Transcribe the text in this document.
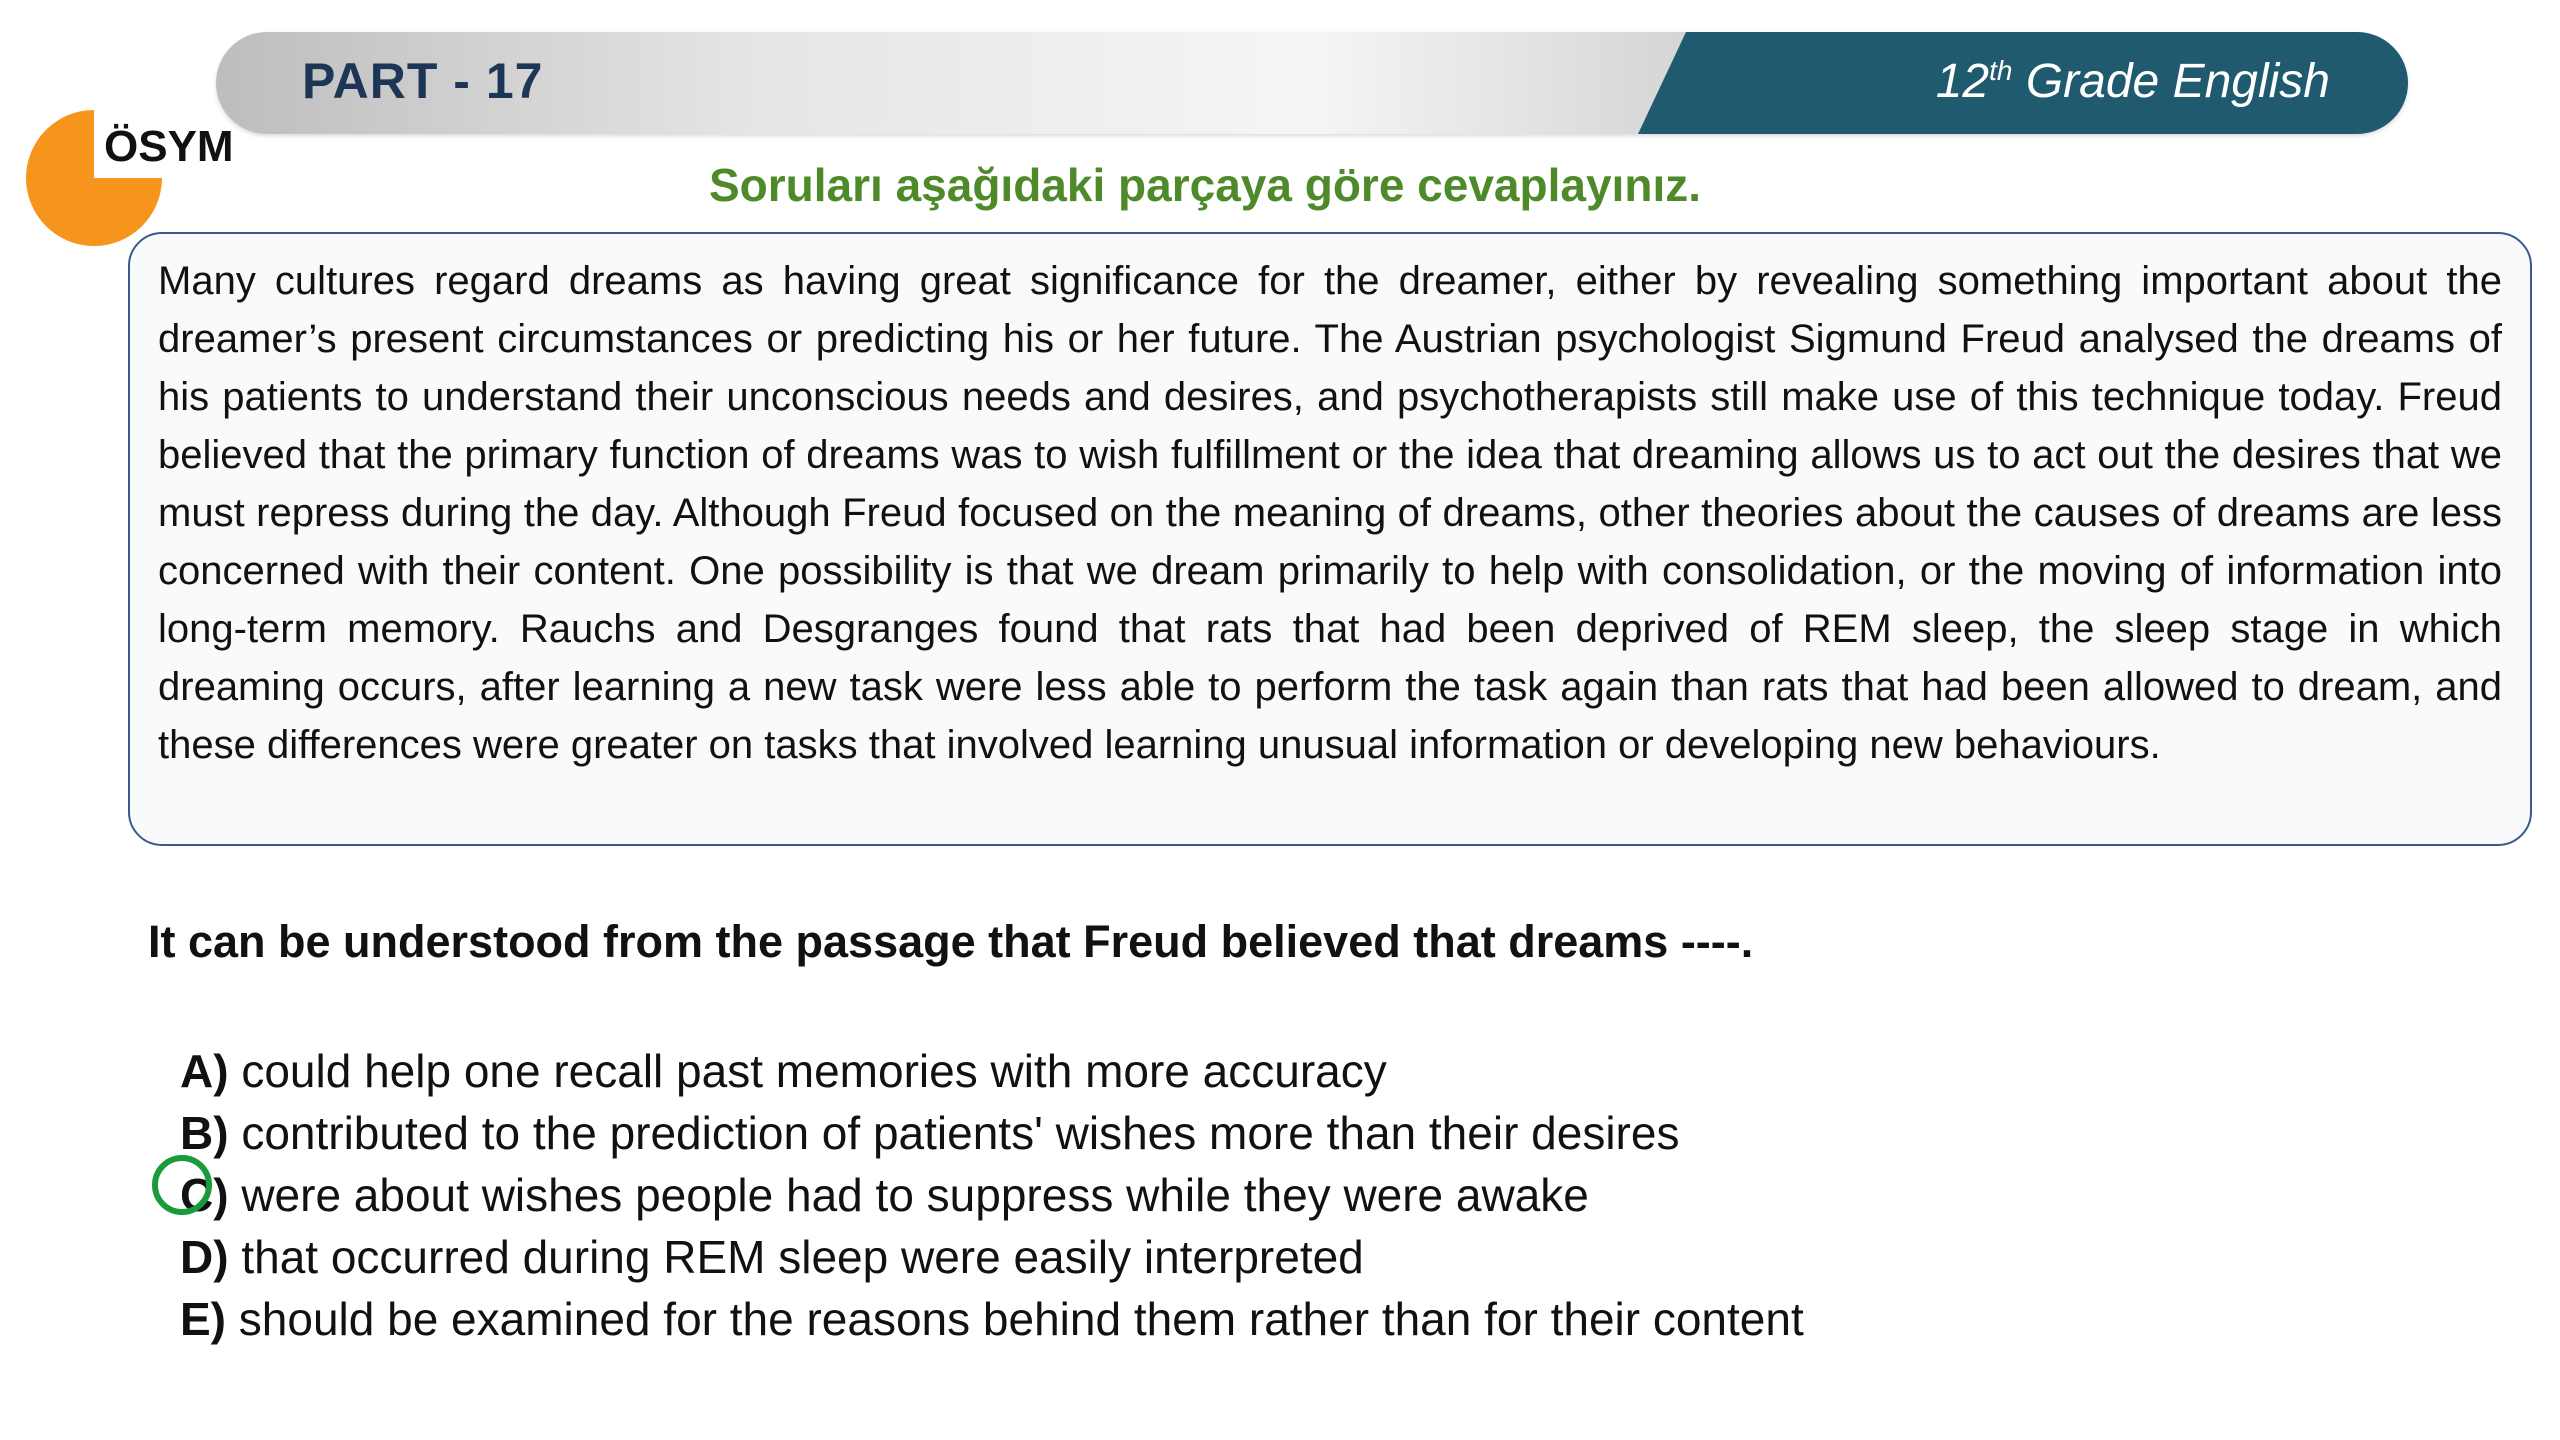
PART - 17	12th Grade English
ÖSYM
Soruları aşağıdaki parçaya göre cevaplayınız.
Many cultures regard dreams as having great significance for the dreamer, either by revealing something important about the dreamer’s present circumstances or predicting his or her future. The Austrian psychologist Sigmund Freud analysed the dreams of his patients to understand their unconscious needs and desires, and psychotherapists still make use of this technique today. Freud believed that the primary function of dreams was to wish fulfillment or the idea that dreaming allows us to act out the desires that we must repress during the day. Although Freud focused on the meaning of dreams, other theories about the causes of dreams are less concerned with their content. One possibility is that we dream primarily to help with consolidation, or the moving of information into long-term memory. Rauchs and Desgranges found that rats that had been deprived of REM sleep, the sleep stage in which dreaming occurs, after learning a new task were less able to perform the task again than rats that had been allowed to dream, and these differences were greater on tasks that involved learning unusual information or developing new behaviours.
It can be understood from the passage that Freud believed that dreams ----.
A) could help one recall past memories with more accuracy
B) contributed to the prediction of patients' wishes more than their desires
C) were about wishes people had to suppress while they were awake
D) that occurred during REM sleep were easily interpreted
E) should be examined for the reasons behind them rather than for their content
